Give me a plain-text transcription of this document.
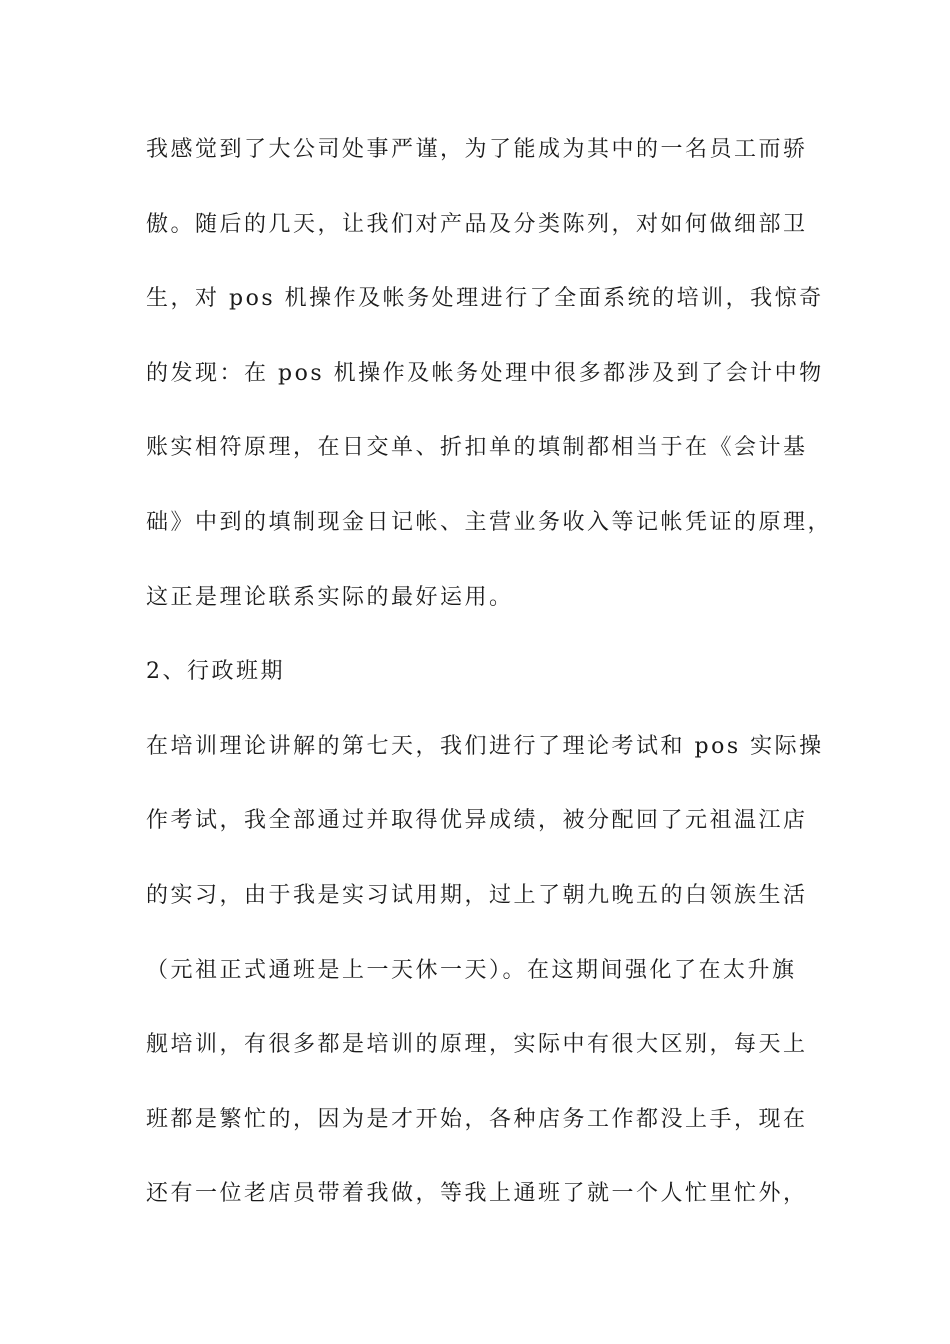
我感觉到了大公司处事严谨，为了能成为其中的一名员工而骄
傲。随后的几天，让我们对产品及分类陈列，对如何做细部卫
生，对 pos 机操作及帐务处理进行了全面系统的培训，我惊奇
的发现：在 pos 机操作及帐务处理中很多都涉及到了会计中物
账实相符原理，在日交单、折扣单的填制都相当于在《会计基
础》中到的填制现金日记帐、主营业务收入等记帐凭证的原理，
这正是理论联系实际的最好运用。
2、行政班期
在培训理论讲解的第七天，我们进行了理论考试和 pos 实际操
作考试，我全部通过并取得优异成绩，被分配回了元祖温江店
的实习，由于我是实习试用期，过上了朝九晚五的白领族生活
（元祖正式通班是上一天休一天）。在这期间强化了在太升旗
舰培训，有很多都是培训的原理，实际中有很大区别，每天上
班都是繁忙的，因为是才开始，各种店务工作都没上手，现在
还有一位老店员带着我做，等我上通班了就一个人忙里忙外，
